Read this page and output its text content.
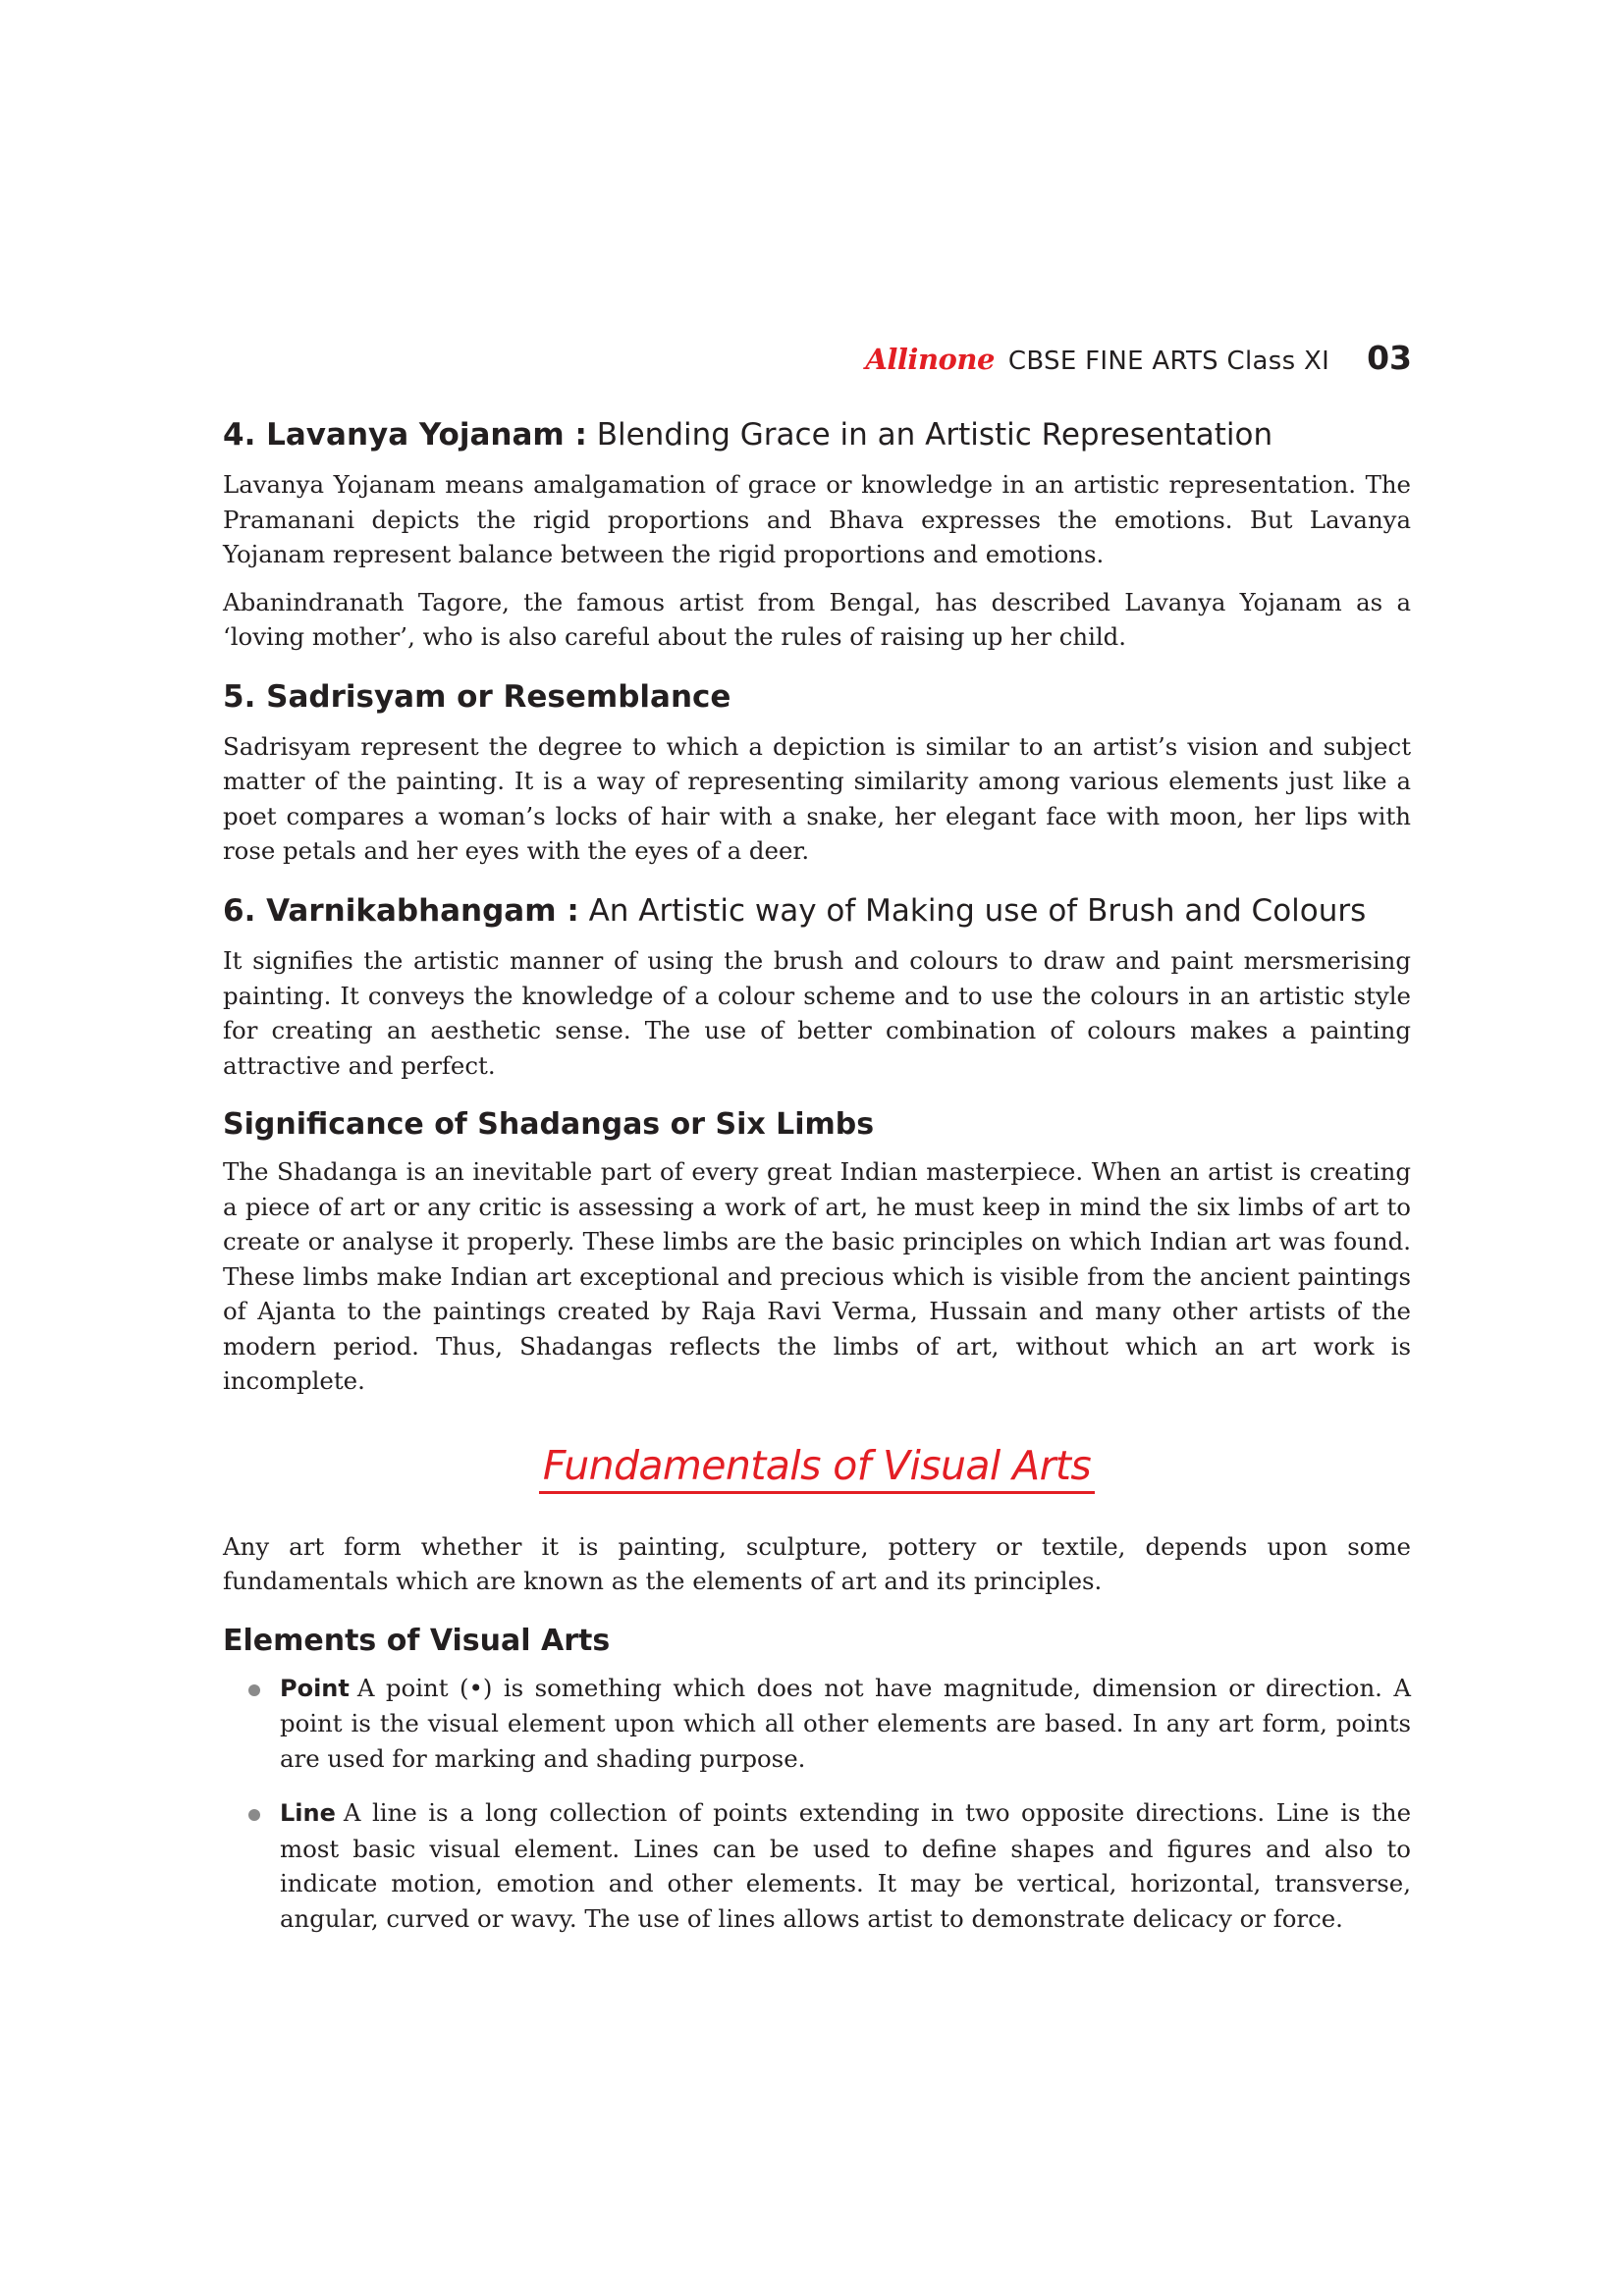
Allinone CBSE FINE ARTS Class XI 03
4. Lavanya Yojanam : Blending Grace in an Artistic Representation

Lavanya Yojanam means amalgamation of grace or knowledge in an artistic representation. The Pramanani depicts the rigid proportions and Bhava expresses the emotions. But Lavanya Yojanam represent balance between the rigid proportions and emotions.

Abanindranath Tagore, the famous artist from Bengal, has described Lavanya Yojanam as a ‘loving mother’, who is also careful about the rules of raising up her child.

5. Sadrisyam or Resemblance

Sadrisyam represent the degree to which a depiction is similar to an artist’s vision and subject matter of the painting. It is a way of representing similarity among various elements just like a poet compares a woman’s locks of hair with a snake, her elegant face with moon, her lips with rose petals and her eyes with the eyes of a deer.

6. Varnikabhangam : An Artistic way of Making use of Brush and Colours

It signifies the artistic manner of using the brush and colours to draw and paint mersmerising painting. It conveys the knowledge of a colour scheme and to use the colours in an artistic style for creating an aesthetic sense. The use of better combination of colours makes a painting attractive and perfect.

Significance of Shadangas or Six Limbs

The Shadanga is an inevitable part of every great Indian masterpiece. When an artist is creating a piece of art or any critic is assessing a work of art, he must keep in mind the six limbs of art to create or analyse it properly. These limbs are the basic principles on which Indian art was found. These limbs make Indian art exceptional and precious which is visible from the ancient paintings of Ajanta to the paintings created by Raja Ravi Verma, Hussain and many other artists of the modern period. Thus, Shadangas reflects the limbs of art, without which an art work is incomplete.

Fundamentals of Visual Arts

Any art form whether it is painting, sculpture, pottery or textile, depends upon some fundamentals which are known as the elements of art and its principles.

Elements of Visual Arts
Point A point (•) is something which does not have magnitude, dimension or direction. A point is the visual element upon which all other elements are based. In any art form, points are used for marking and shading purpose.
Line A line is a long collection of points extending in two opposite directions. Line is the most basic visual element. Lines can be used to define shapes and figures and also to indicate motion, emotion and other elements. It may be vertical, horizontal, transverse, angular, curved or wavy. The use of lines allows artist to demonstrate delicacy or force.
